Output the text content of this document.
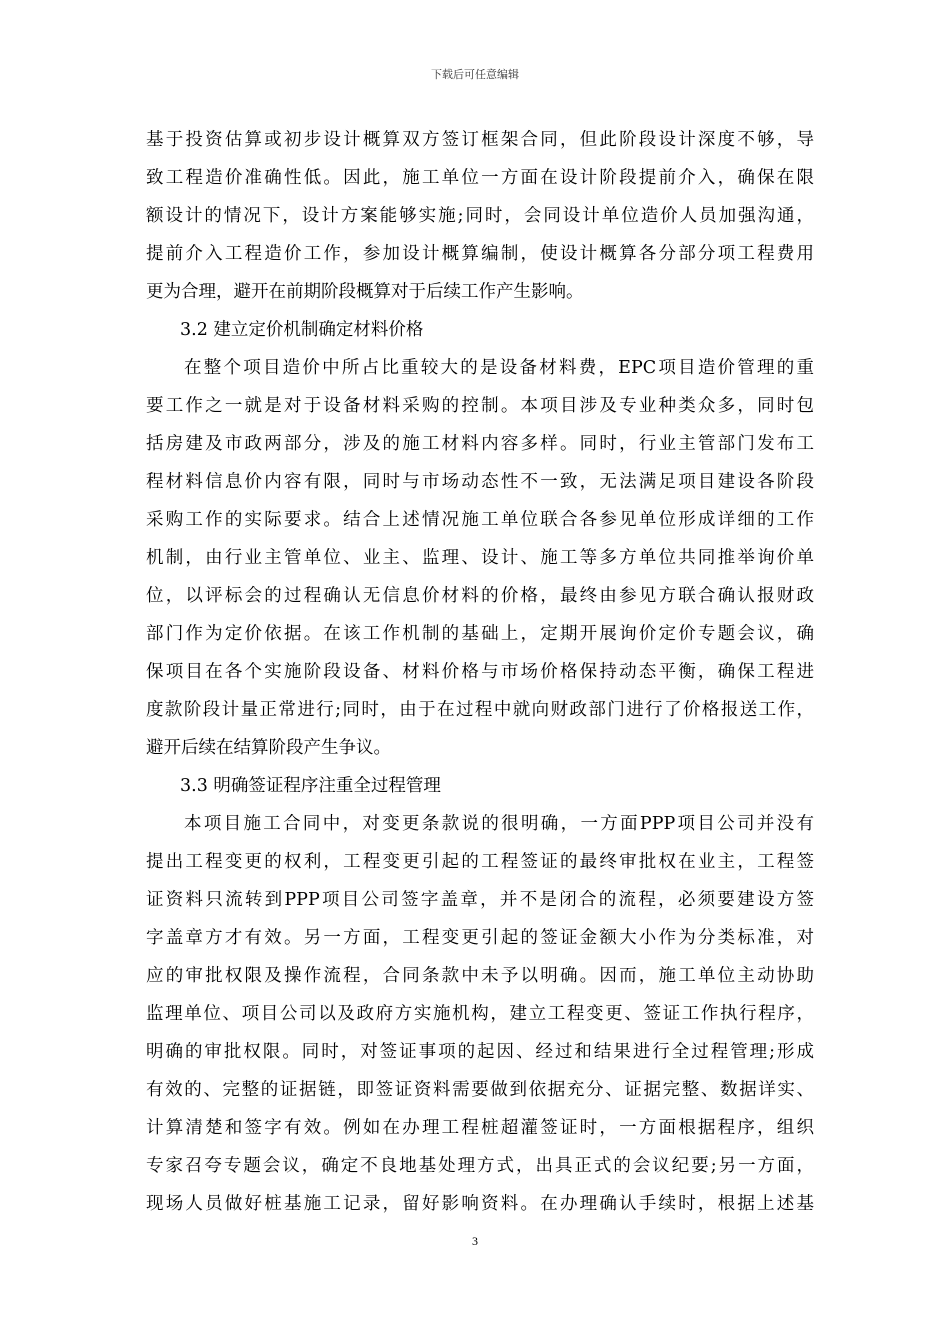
下载后可任意编辑
基于投资估算或初步设计概算双方签订框架合同，但此阶段设计深度不够，导
致工程造价准确性低。因此，施工单位一方面在设计阶段提前介入，确保在限
额设计的情况下，设计方案能够实施;同时，会同设计单位造价人员加强沟通，
提前介入工程造价工作，参加设计概算编制，使设计概算各分部分项工程费用
更为合理，避开在前期阶段概算对于后续工作产生影响。
3.2 建立定价机制确定材料价格
在整个项目造价中所占比重较大的是设备材料费，EPC项目造价管理的重
要工作之一就是对于设备材料采购的控制。本项目涉及专业种类众多，同时包
括房建及市政两部分，涉及的施工材料内容多样。同时，行业主管部门发布工
程材料信息价内容有限，同时与市场动态性不一致，无法满足项目建设各阶段
采购工作的实际要求。结合上述情况施工单位联合各参见单位形成详细的工作
机制，由行业主管单位、业主、监理、设计、施工等多方单位共同推举询价单
位，以评标会的过程确认无信息价材料的价格，最终由参见方联合确认报财政
部门作为定价依据。在该工作机制的基础上，定期开展询价定价专题会议，确
保项目在各个实施阶段设备、材料价格与市场价格保持动态平衡，确保工程进
度款阶段计量正常进行;同时，由于在过程中就向财政部门进行了价格报送工作，
避开后续在结算阶段产生争议。
3.3 明确签证程序注重全过程管理
本项目施工合同中，对变更条款说的很明确，一方面PPP项目公司并没有
提出工程变更的权利，工程变更引起的工程签证的最终审批权在业主，工程签
证资料只流转到PPP项目公司签字盖章，并不是闭合的流程，必须要建设方签
字盖章方才有效。另一方面，工程变更引起的签证金额大小作为分类标准，对
应的审批权限及操作流程，合同条款中未予以明确。因而，施工单位主动协助
监理单位、项目公司以及政府方实施机构，建立工程变更、签证工作执行程序，
明确的审批权限。同时，对签证事项的起因、经过和结果进行全过程管理;形成
有效的、完整的证据链，即签证资料需要做到依据充分、证据完整、数据详实、
计算清楚和签字有效。例如在办理工程桩超灌签证时，一方面根据程序，组织
专家召夸专题会议，确定不良地基处理方式，出具正式的会议纪要;另一方面，
现场人员做好桩基施工记录，留好影响资料。在办理确认手续时，根据上述基
3
